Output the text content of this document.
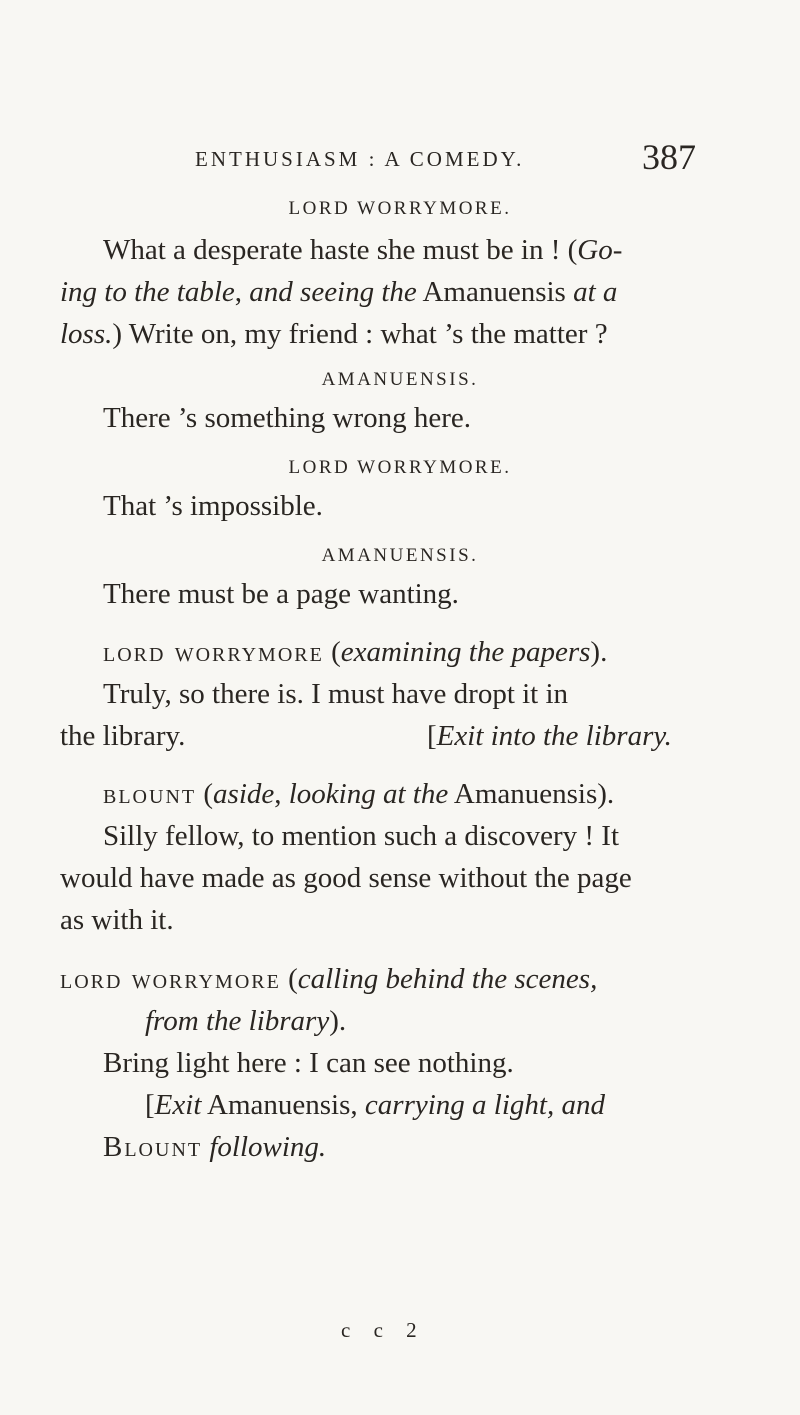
ENTHUSIASM : A COMEDY.	387
LORD WORRYMORE.
What a desperate haste she must be in ! (Go-
ing to the table, and seeing the Amanuensis at a
loss.) Write on, my friend : what ’s the matter ?
AMANUENSIS.
There ’s something wrong here.
LORD WORRYMORE.
That ’s impossible.
AMANUENSIS.
There must be a page wanting.
lord worrymore (examining the papers).
Truly, so there is. I must have dropt it in
the library.	[Exit into the library.
blount (aside, looking at the Amanuensis).
Silly fellow, to mention such a discovery ! It
would have made as good sense without the page
as with it.
lord worrymore (calling behind the scenes,
from the library).
Bring light here : I can see nothing.
[Exit Amanuensis, carrying a light, and
Blount following.
c c 2
